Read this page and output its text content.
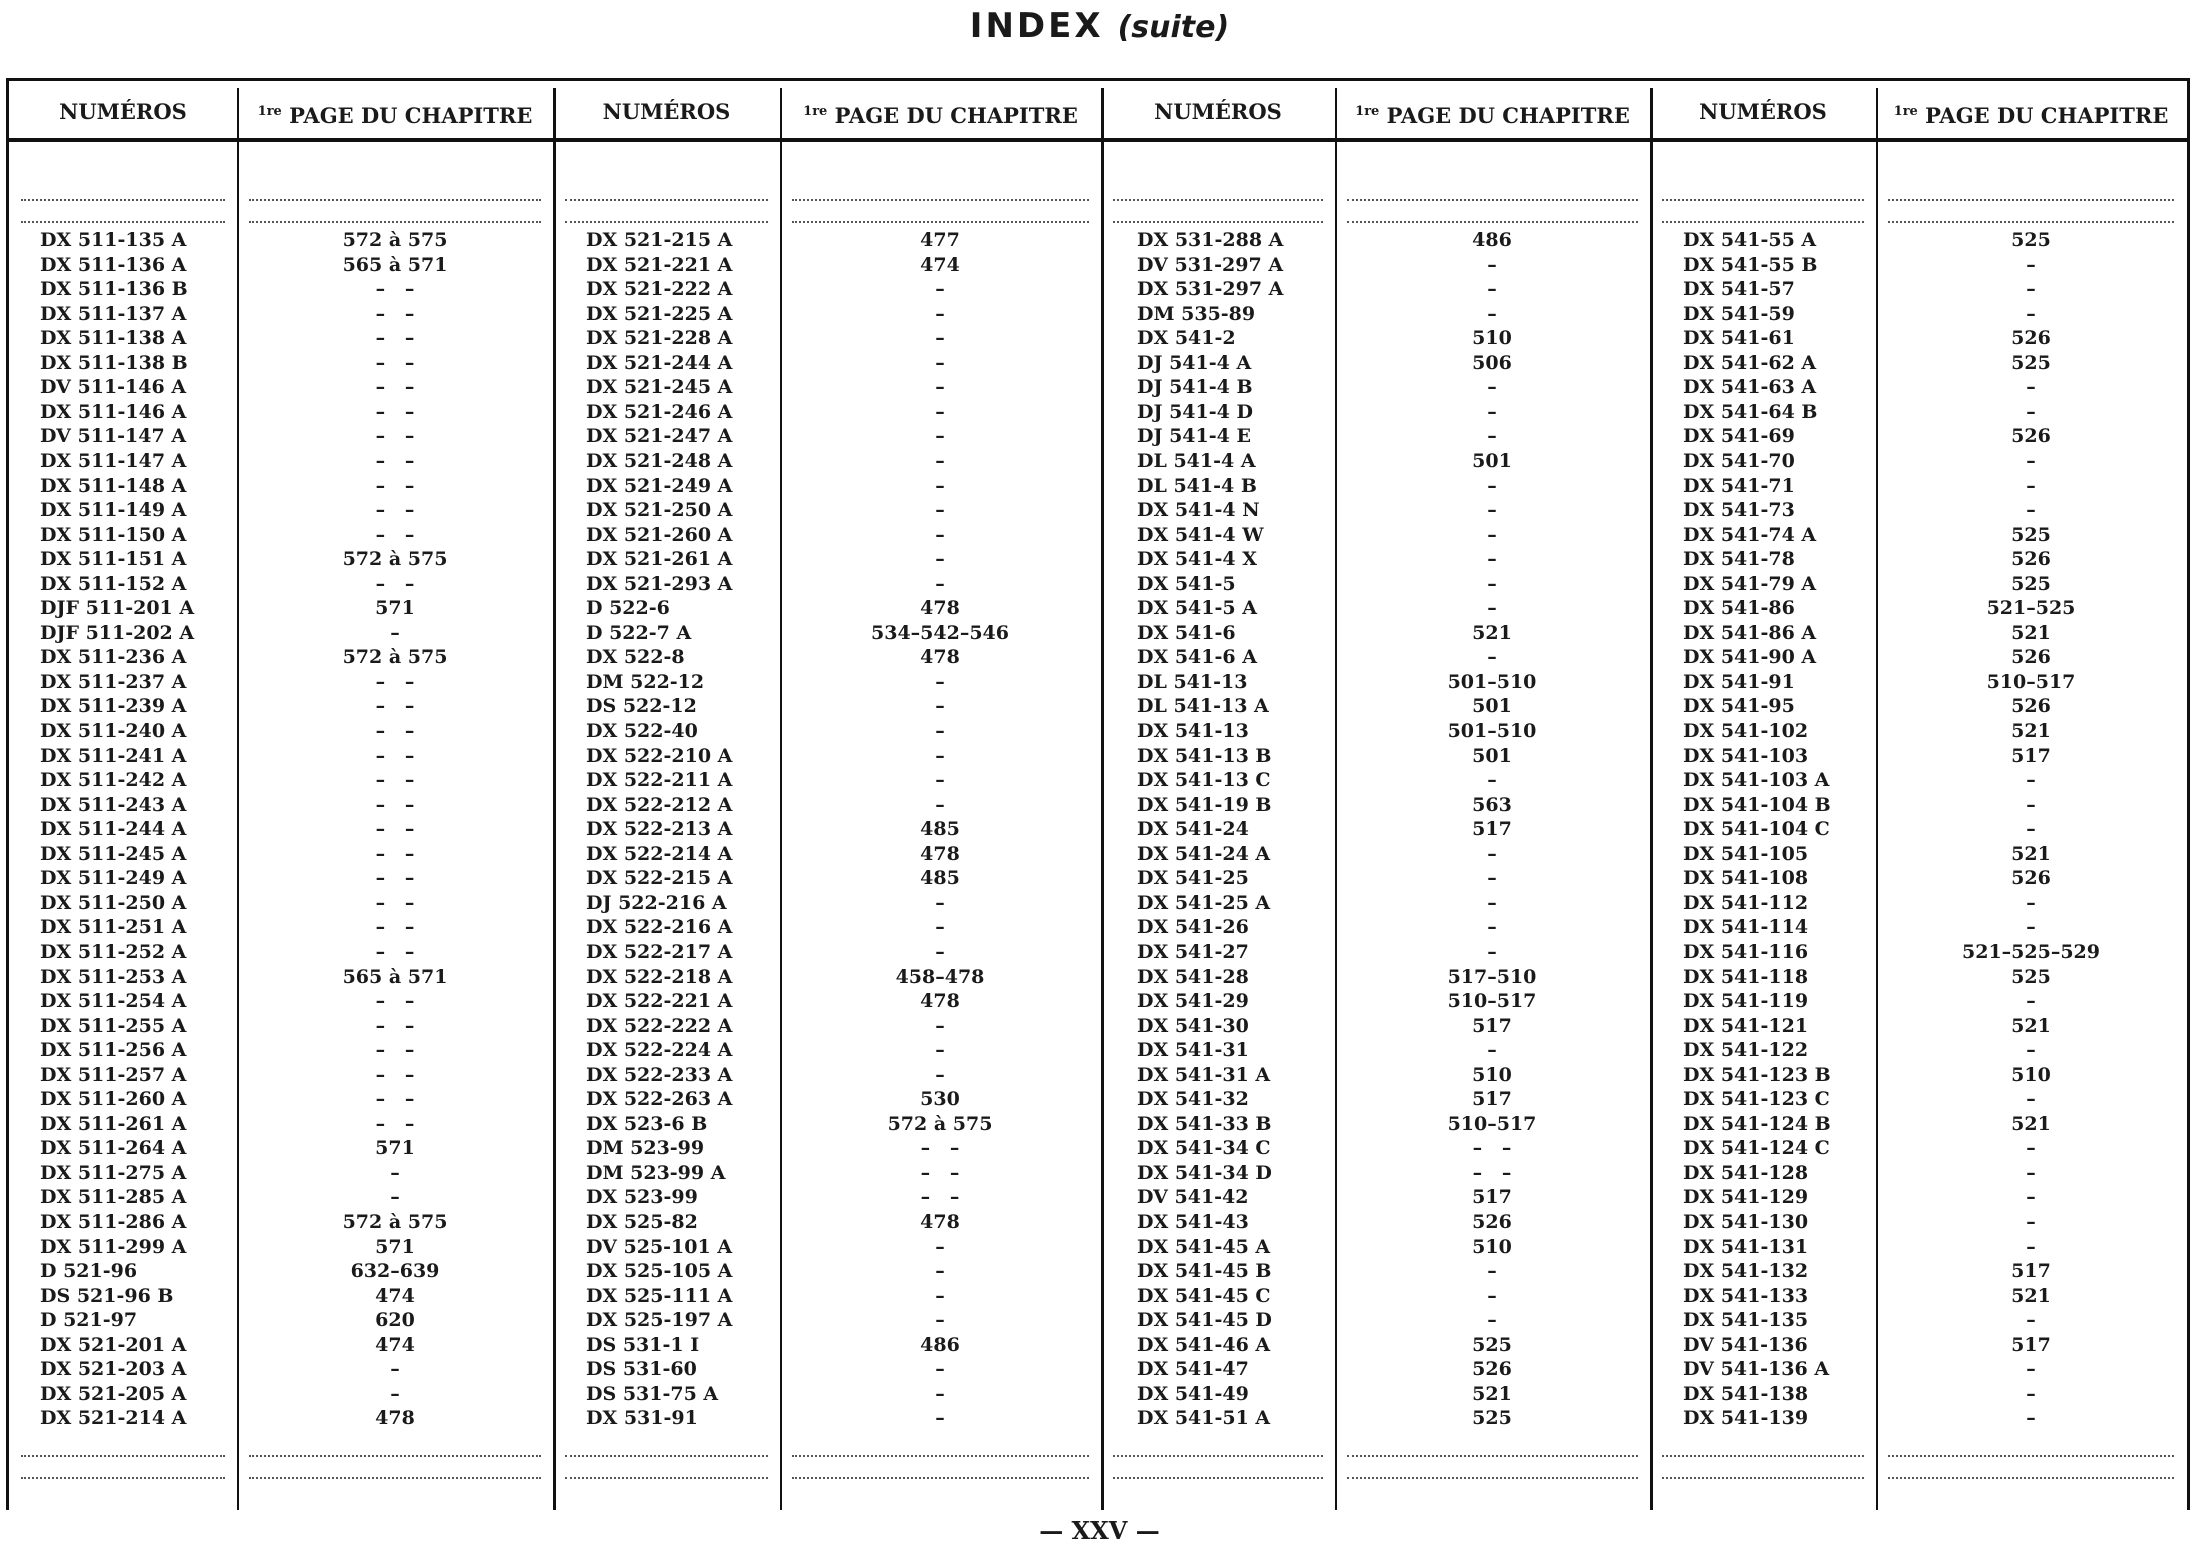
INDEX (suite)
NUMÉROS	$^{1re}$ PAGE DU CHAPITRE
DX 511-135 A	572 à 575
DX 511-136 A	565 à 571
DX 511-136 B	–   –
DX 511-137 A	–   –
DX 511-138 A	–   –
DX 511-138 B	–   –
DV 511-146 A	–   –
DX 511-146 A	–   –
DV 511-147 A	–   –
DX 511-147 A	–   –
DX 511-148 A	–   –
DX 511-149 A	–   –
DX 511-150 A	–   –
DX 511-151 A	572 à 575
DX 511-152 A	–   –
DJF 511-201 A	571
DJF 511-202 A	–
DX 511-236 A	572 à 575
DX 511-237 A	–   –
DX 511-239 A	–   –
DX 511-240 A	–   –
DX 511-241 A	–   –
DX 511-242 A	–   –
DX 511-243 A	–   –
DX 511-244 A	–   –
DX 511-245 A	–   –
DX 511-249 A	–   –
DX 511-250 A	–   –
DX 511-251 A	–   –
DX 511-252 A	–   –
DX 511-253 A	565 à 571
DX 511-254 A	–   –
DX 511-255 A	–   –
DX 511-256 A	–   –
DX 511-257 A	–   –
DX 511-260 A	–   –
DX 511-261 A	–   –
DX 511-264 A	571
DX 511-275 A	–
DX 511-285 A	–
DX 511-286 A	572 à 575
DX 511-299 A	571
D 521-96	632–639
DS 521-96 B	474
D 521-97	620
DX 521-201 A	474
DX 521-203 A	–
DX 521-205 A	–
DX 521-214 A	478
NUMÉROS	$^{1re}$ PAGE DU CHAPITRE
DX 521-215 A	477
DX 521-221 A	474
DX 521-222 A	–
DX 521-225 A	–
DX 521-228 A	–
DX 521-244 A	–
DX 521-245 A	–
DX 521-246 A	–
DX 521-247 A	–
DX 521-248 A	–
DX 521-249 A	–
DX 521-250 A	–
DX 521-260 A	–
DX 521-261 A	–
DX 521-293 A	–
D 522-6	478
D 522-7 A	534–542–546
DX 522-8	478
DM 522-12	–
DS 522-12	–
DX 522-40	–
DX 522-210 A	–
DX 522-211 A	–
DX 522-212 A	–
DX 522-213 A	485
DX 522-214 A	478
DX 522-215 A	485
DJ 522-216 A	–
DX 522-216 A	–
DX 522-217 A	–
DX 522-218 A	458–478
DX 522-221 A	478
DX 522-222 A	–
DX 522-224 A	–
DX 522-233 A	–
DX 522-263 A	530
DX 523-6 B	572 à 575
DM 523-99	–   –
DM 523-99 A	–   –
DX 523-99	–   –
DX 525-82	478
DV 525-101 A	–
DX 525-105 A	–
DX 525-111 A	–
DX 525-197 A	–
DS 531-1 I	486
DS 531-60	–
DS 531-75 A	–
DX 531-91	–
NUMÉROS	$^{1re}$ PAGE DU CHAPITRE
DX 531-288 A	486
DV 531-297 A	–
DX 531-297 A	–
DM 535-89	–
DX 541-2	510
DJ 541-4 A	506
DJ 541-4 B	–
DJ 541-4 D	–
DJ 541-4 E	–
DL 541-4 A	501
DL 541-4 B	–
DX 541-4 N	–
DX 541-4 W	–
DX 541-4 X	–
DX 541-5	–
DX 541-5 A	–
DX 541-6	521
DX 541-6 A	–
DL 541-13	501–510
DL 541-13 A	501
DX 541-13	501–510
DX 541-13 B	501
DX 541-13 C	–
DX 541-19 B	563
DX 541-24	517
DX 541-24 A	–
DX 541-25	–
DX 541-25 A	–
DX 541-26	–
DX 541-27	–
DX 541-28	517–510
DX 541-29	510–517
DX 541-30	517
DX 541-31	–
DX 541-31 A	510
DX 541-32	517
DX 541-33 B	510–517
DX 541-34 C	–   –
DX 541-34 D	–   –
DV 541-42	517
DX 541-43	526
DX 541-45 A	510
DX 541-45 B	–
DX 541-45 C	–
DX 541-45 D	–
DX 541-46 A	525
DX 541-47	526
DX 541-49	521
DX 541-51 A	525
NUMÉROS	$^{1re}$ PAGE DU CHAPITRE
DX 541-55 A	525
DX 541-55 B	–
DX 541-57	–
DX 541-59	–
DX 541-61	526
DX 541-62 A	525
DX 541-63 A	–
DX 541-64 B	–
DX 541-69	526
DX 541-70	–
DX 541-71	–
DX 541-73	–
DX 541-74 A	525
DX 541-78	526
DX 541-79 A	525
DX 541-86	521–525
DX 541-86 A	521
DX 541-90 A	526
DX 541-91	510–517
DX 541-95	526
DX 541-102	521
DX 541-103	517
DX 541-103 A	–
DX 541-104 B	–
DX 541-104 C	–
DX 541-105	521
DX 541-108	526
DX 541-112	–
DX 541-114	–
DX 541-116	521–525–529
DX 541-118	525
DX 541-119	–
DX 541-121	521
DX 541-122	–
DX 541-123 B	510
DX 541-123 C	–
DX 541-124 B	521
DX 541-124 C	–
DX 541-128	–
DX 541-129	–
DX 541-130	–
DX 541-131	–
DX 541-132	517
DX 541-133	521
DX 541-135	–
DV 541-136	517
DV 541-136 A	–
DX 541-138	–
DX 541-139	–
— XXV —
